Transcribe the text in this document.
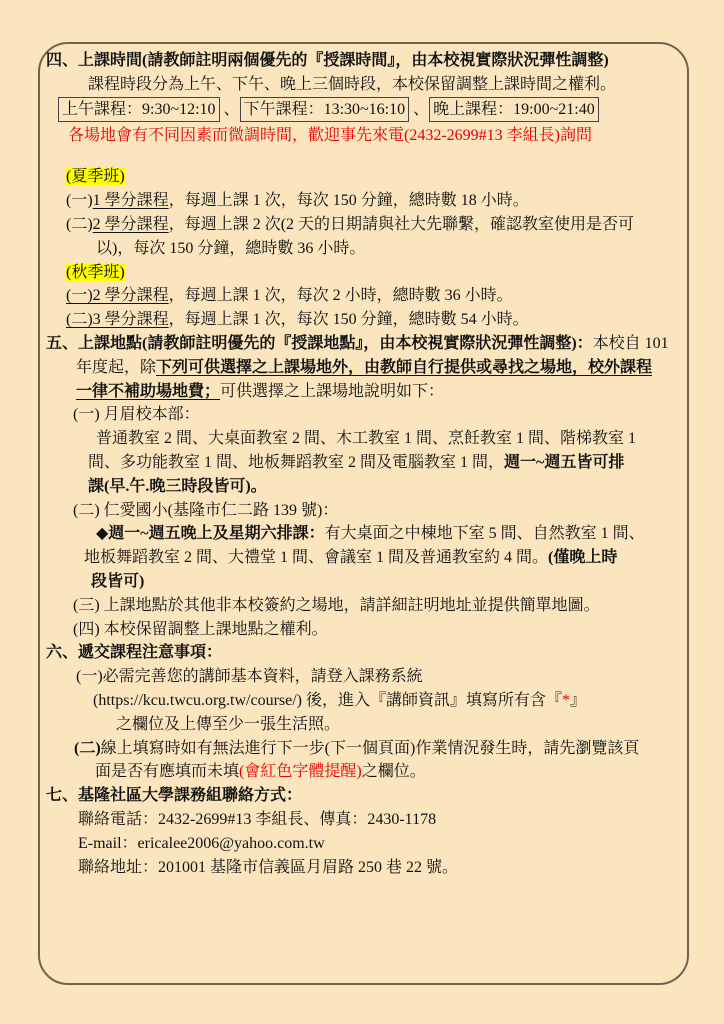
四、上課時間(請教師註明兩個優先的『授課時間』，由本校視實際狀況彈性調整)
課程時段分為上午、下午、晚上三個時段，本校保留調整上課時間之權利。
上午課程：9:30~12:10 、 下午課程：13:30~16:10 、 晚上課程：19:00~21:40
各場地會有不同因素而微調時間，歡迎事先來電(2432-2699#13 李組長)詢問
(夏季班)
(一)1 學分課程，每週上課 1 次，每次 150 分鐘，總時數 18 小時。
(二)2 學分課程，每週上課 2 次(2 天的日期請與社大先聯繫，確認教室使用是否可
以)，每次 150 分鐘，總時數 36 小時。
(秋季班)
(一)2 學分課程，每週上課 1 次，每次 2 小時，總時數 36 小時。
(二)3 學分課程，每週上課 1 次，每次 150 分鐘，總時數 54 小時。
五、上課地點(請教師註明優先的『授課地點』，由本校視實際狀況彈性調整)：本校自 101
年度起，除下列可供選擇之上課場地外，由教師自行提供或尋找之場地，校外課程
一律不補助場地費；可供選擇之上課場地說明如下：
(一) 月眉校本部：
普通教室 2 間、大桌面教室 2 間、木工教室 1 間、烹飪教室 1 間、階梯教室 1
間、多功能教室 1 間、地板舞蹈教室 2 間及電腦教室 1 間，週一~週五皆可排
課(早.午.晚三時段皆可)。
(二) 仁愛國小(基隆市仁二路 139 號)：
◆週一~週五晚上及星期六排課：有大桌面之中棟地下室 5 間、自然教室 1 間、
地板舞蹈教室 2 間、大禮堂 1 間、會議室 1 間及普通教室約 4 間。(僅晚上時
段皆可)
(三) 上課地點於其他非本校簽約之場地，請詳細註明地址並提供簡單地圖。
(四) 本校保留調整上課地點之權利。
六、遞交課程注意事項：
(一)必需完善您的講師基本資料，請登入課務系統
(https://kcu.twcu.org.tw/course/) 後，進入『講師資訊』填寫所有含『*』
之欄位及上傳至少一張生活照。
(二)線上填寫時如有無法進行下一步(下一個頁面)作業情況發生時，請先瀏覽該頁
面是否有應填而未填(會紅色字體提醒)之欄位。
七、基隆社區大學課務組聯絡方式：
聯絡電話：2432-2699#13 李組長、傳真：2430-1178
E-mail：ericalee2006@yahoo.com.tw
聯絡地址：201001 基隆市信義區月眉路 250 巷 22 號。
